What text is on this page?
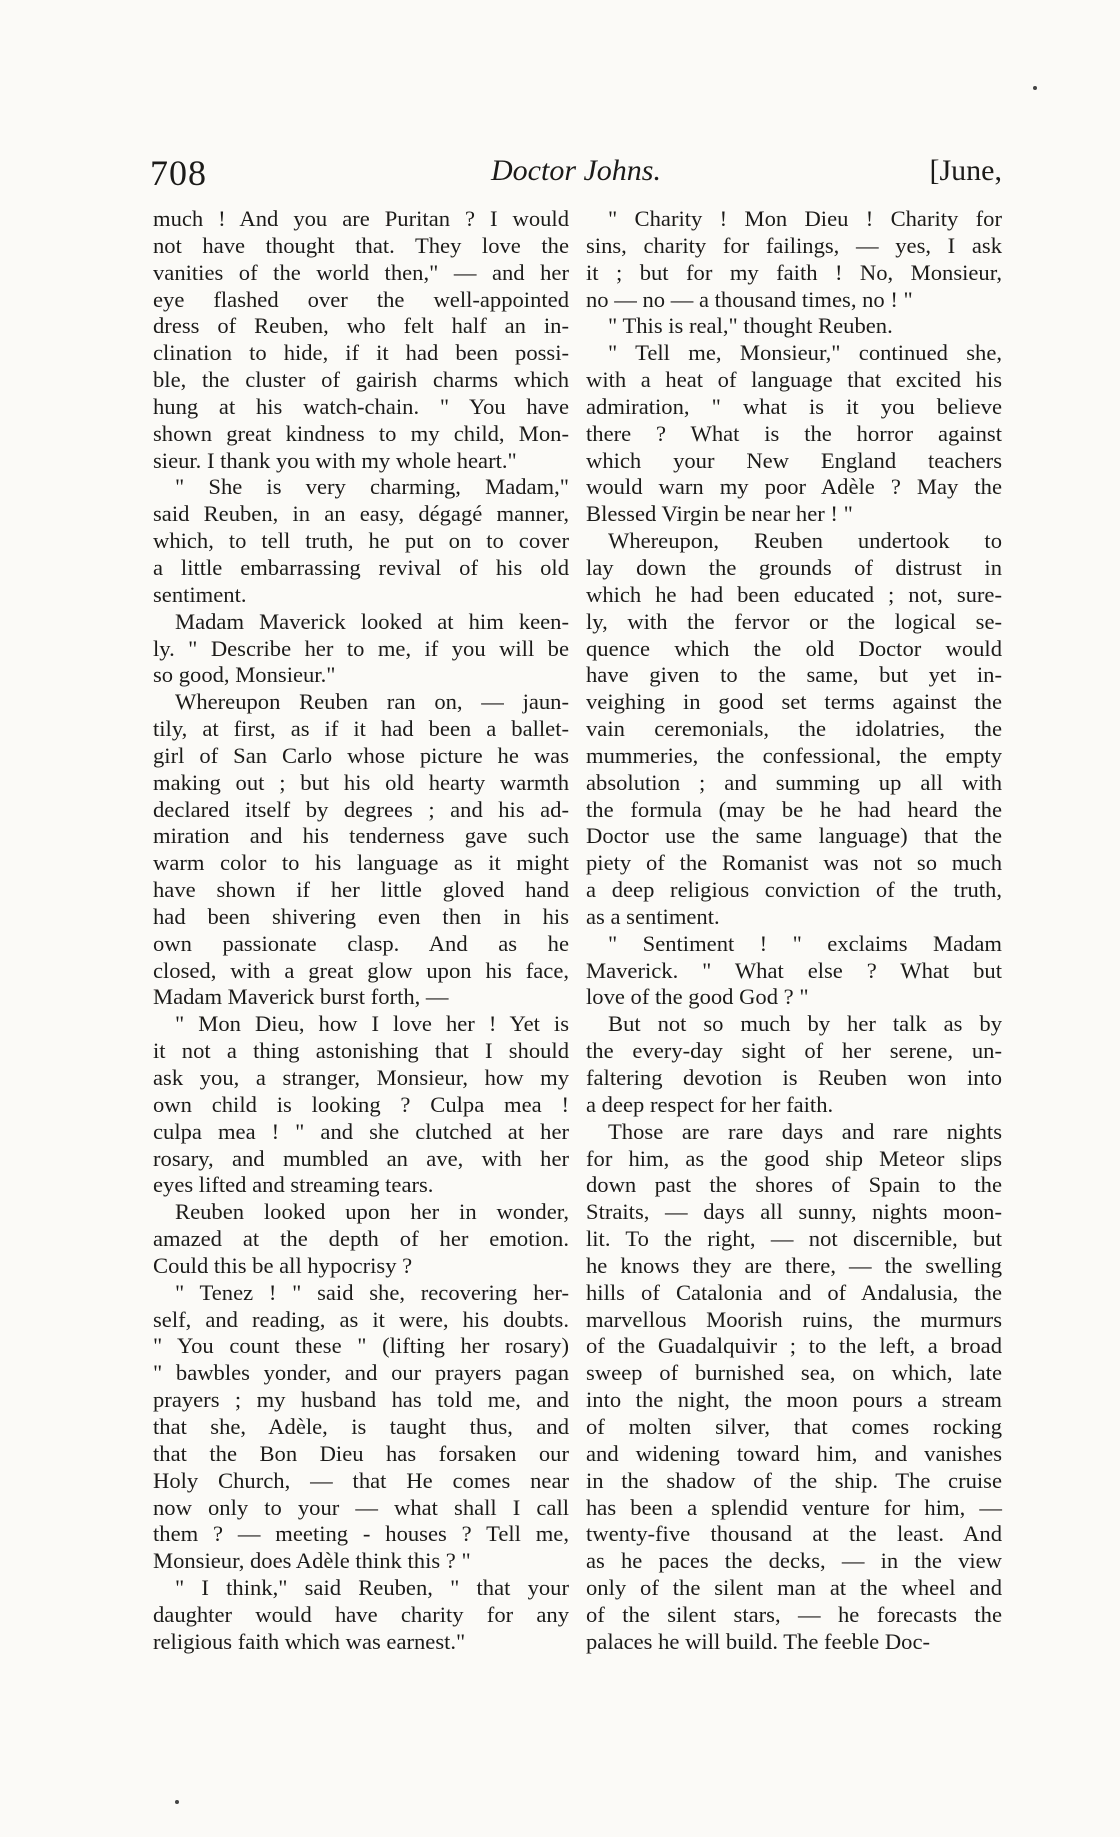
708	Doctor Johns.	[June,
much ! And you are Puritan ? I would
not have thought that. They love the
vanities of the world then," — and her
eye flashed over the well-appointed
dress of Reuben, who felt half an in-
clination to hide, if it had been possi-
ble, the cluster of gairish charms which
hung at his watch-chain. " You have
shown great kindness to my child, Mon-
sieur. I thank you with my whole heart."
" She is very charming, Madam,"
said Reuben, in an easy, dégagé manner,
which, to tell truth, he put on to cover
a little embarrassing revival of his old
sentiment.
Madam Maverick looked at him keen-
ly. " Describe her to me, if you will be
so good, Monsieur."
Whereupon Reuben ran on, — jaun-
tily, at first, as if it had been a ballet-
girl of San Carlo whose picture he was
making out ; but his old hearty warmth
declared itself by degrees ; and his ad-
miration and his tenderness gave such
warm color to his language as it might
have shown if her little gloved hand
had been shivering even then in his
own passionate clasp. And as he
closed, with a great glow upon his face,
Madam Maverick burst forth, —
" Mon Dieu, how I love her ! Yet is
it not a thing astonishing that I should
ask you, a stranger, Monsieur, how my
own child is looking ? Culpa mea !
culpa mea ! " and she clutched at her
rosary, and mumbled an ave, with her
eyes lifted and streaming tears.
Reuben looked upon her in wonder,
amazed at the depth of her emotion.
Could this be all hypocrisy ?
" Tenez ! " said she, recovering her-
self, and reading, as it were, his doubts.
" You count these " (lifting her rosary)
" bawbles yonder, and our prayers pagan
prayers ; my husband has told me, and
that she, Adèle, is taught thus, and
that the Bon Dieu has forsaken our
Holy Church, — that He comes near
now only to your — what shall I call
them ? — meeting - houses ? Tell me,
Monsieur, does Adèle think this ? "
" I think," said Reuben, " that your
daughter would have charity for any
religious faith which was earnest."
" Charity ! Mon Dieu ! Charity for
sins, charity for failings, — yes, I ask
it ; but for my faith ! No, Monsieur,
no — no — a thousand times, no ! "
" This is real," thought Reuben.
" Tell me, Monsieur," continued she,
with a heat of language that excited his
admiration, " what is it you believe
there ? What is the horror against
which your New England teachers
would warn my poor Adèle ? May the
Blessed Virgin be near her ! "
Whereupon, Reuben undertook to
lay down the grounds of distrust in
which he had been educated ; not, sure-
ly, with the fervor or the logical se-
quence which the old Doctor would
have given to the same, but yet in-
veighing in good set terms against the
vain ceremonials, the idolatries, the
mummeries, the confessional, the empty
absolution ; and summing up all with
the formula (may be he had heard the
Doctor use the same language) that the
piety of the Romanist was not so much
a deep religious conviction of the truth,
as a sentiment.
" Sentiment ! " exclaims Madam
Maverick. " What else ? What but
love of the good God ? "
But not so much by her talk as by
the every-day sight of her serene, un-
faltering devotion is Reuben won into
a deep respect for her faith.
Those are rare days and rare nights
for him, as the good ship Meteor slips
down past the shores of Spain to the
Straits, — days all sunny, nights moon-
lit. To the right, — not discernible, but
he knows they are there, — the swelling
hills of Catalonia and of Andalusia, the
marvellous Moorish ruins, the murmurs
of the Guadalquivir ; to the left, a broad
sweep of burnished sea, on which, late
into the night, the moon pours a stream
of molten silver, that comes rocking
and widening toward him, and vanishes
in the shadow of the ship. The cruise
has been a splendid venture for him, —
twenty-five thousand at the least. And
as he paces the decks, — in the view
only of the silent man at the wheel and
of the silent stars, — he forecasts the
palaces he will build. The feeble Doc-
